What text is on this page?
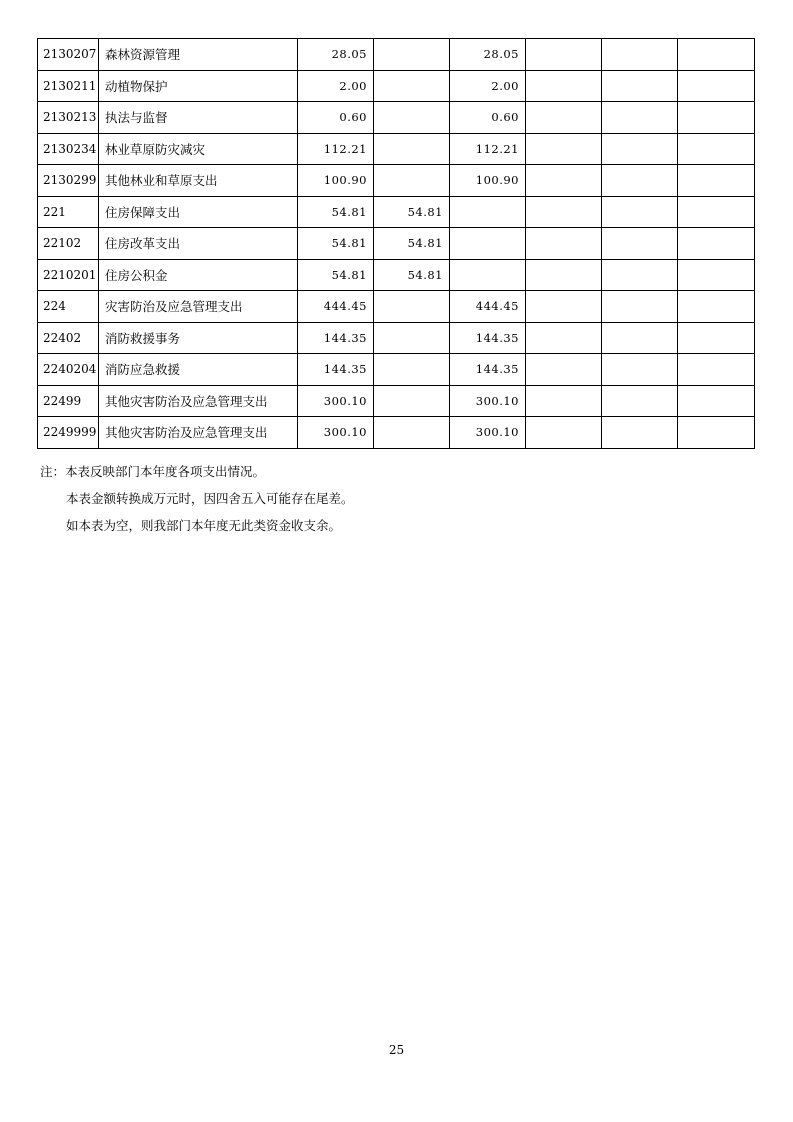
2130207	森林资源管理	28.05		28.05			
2130211	动植物保护	2.00		2.00			
2130213	执法与监督	0.60		0.60			
2130234	林业草原防灾减灾	112.21		112.21			
2130299	其他林业和草原支出	100.90		100.90			
221	住房保障支出	54.81	54.81				
22102	住房改革支出	54.81	54.81				
2210201	住房公积金	54.81	54.81				
224	灾害防治及应急管理支出	444.45		444.45			
22402	消防救援事务	144.35		144.35			
2240204	消防应急救援	144.35		144.35			
22499	其他灾害防治及应急管理支出	300.10		300.10			
2249999	其他灾害防治及应急管理支出	300.10		300.10			
注：本表反映部门本年度各项支出情况。
本表金额转换成万元时，因四舍五入可能存在尾差。
如本表为空，则我部门本年度无此类资金收支余。
25
